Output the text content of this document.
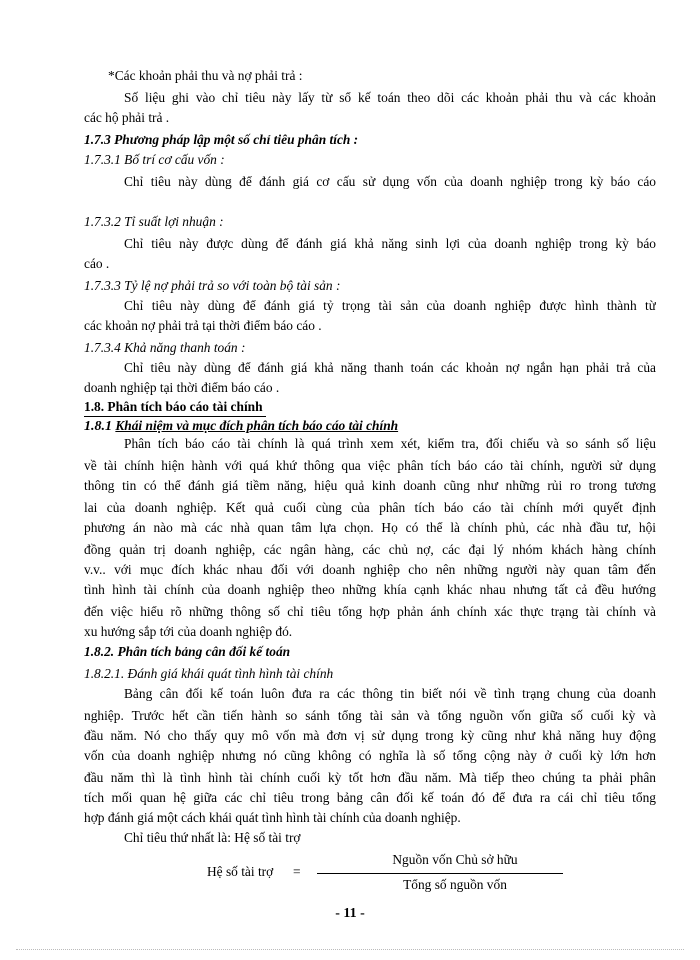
*Các khoản phải thu và nợ phải trả :
Số liệu ghi vào chỉ tiêu này lấy từ sổ kế toán theo dõi các khoản phải thu và các khoản
các hộ phải trả .
1.7.3 Phương pháp lập một số chỉ tiêu phân tích :
1.7.3.1 Bố trí cơ cấu vốn :
Chỉ tiêu này dùng để đánh giá cơ cấu sử dụng vốn của doanh nghiệp trong kỳ báo cáo
1.7.3.2 Tỉ suất lợi nhuận :
Chỉ tiêu này được dùng để đánh giá khả năng sinh lợi của doanh nghiệp trong kỳ báo
cáo .
1.7.3.3 Tỷ lệ nợ phải trả so với toàn bộ tài sản :
Chỉ tiêu này dùng để đánh giá tỷ trọng tài sản của doanh nghiệp được hình thành từ
các khoản nợ phải trả tại thời điểm báo cáo .
1.7.3.4 Khả năng thanh toán :
Chỉ tiêu này dùng để đánh giá khả năng thanh toán các khoản nợ ngắn hạn phải trả của
doanh nghiệp tại thời điểm báo cáo .
1.8. Phân tích báo cáo tài chính
1.8.1 Khái niệm và mục đích phân tích báo cáo tài chính
Phân tích báo cáo tài chính là quá trình xem xét, kiểm tra, đối chiếu và so sánh số liệu
về tài chính hiện hành với quá khứ thông qua việc phân tích báo cáo tài chính, người sử dụng
thông tin có thể đánh giá tiềm năng, hiệu quả kinh doanh cũng như những rủi ro trong tương
lai của doanh nghiệp. Kết quả cuối cùng của phân tích báo cáo tài chính mới quyết định
phương án nào mà các nhà quan tâm lựa chọn. Họ có thể là chính phủ, các nhà đầu tư, hội
đồng quản trị doanh nghiệp, các ngân hàng, các chủ nợ, các đại lý nhóm khách hàng chính
v.v.. với mục đích khác nhau đối với doanh nghiệp cho nên những người này quan tâm đến
tình hình tài chính của doanh nghiệp theo những khía cạnh khác nhau nhưng tất cả đều hướng
đến việc hiểu rõ những thông số chỉ tiêu tổng hợp phản ánh chính xác thực trạng tài chính và
xu hướng sắp tới của doanh nghiệp đó.
1.8.2. Phân tích bảng cân đối kế toán
1.8.2.1. Đánh giá khái quát tình hình tài chính
Bảng cân đối kế toán luôn đưa ra các thông tin biết nói về tình trạng chung của doanh
nghiệp. Trước hết cần tiến hành so sánh tổng tài sản và tổng nguồn vốn giữa số cuối kỳ và
đầu năm. Nó cho thấy quy mô vốn mà đơn vị sử dụng trong kỳ cũng như khả năng huy động
vốn của doanh nghiệp nhưng nó cũng không có nghĩa là số tổng cộng này ở cuối kỳ lớn hơn
đầu năm thì là tình hình tài chính cuối kỳ tốt hơn đầu năm. Mà tiếp theo chúng ta phải phân
tích mối quan hệ giữa các chỉ tiêu trong bảng cân đối kế toán đó để đưa ra cái chỉ tiêu tổng
hợp đánh giá một cách khái quát tình hình tài chính của doanh nghiệp.
Chỉ tiêu thứ nhất là: Hệ số tài trợ
Hệ số tài trợ =
Nguồn vốn Chủ sở hữu
Tổng số nguồn vốn
- 11 -
